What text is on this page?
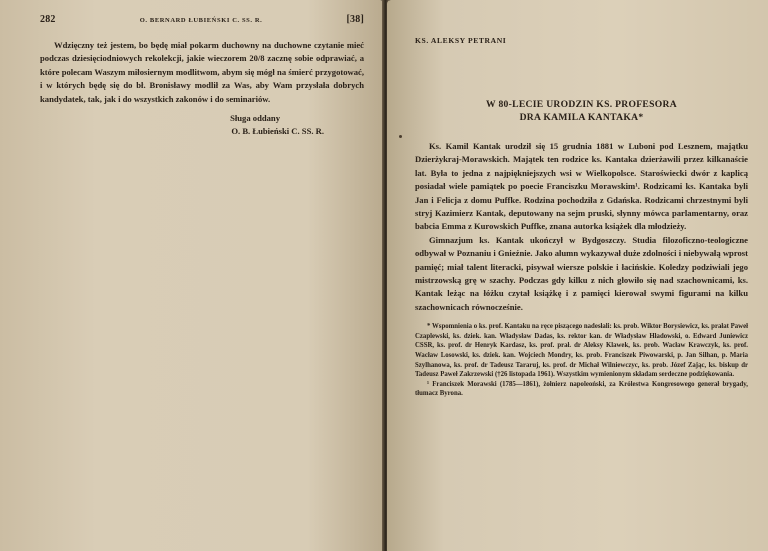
282	O. BERNARD ŁUBIEŃSKI C. SS. R.	[38]

Wdzięczny też jestem, bo będę miał pokarm duchowny na duchowne czytanie mieć podczas dziesięciodniowych rekolekcji, jakie wieczorem 20/8 zacznę sobie odprawiać, a które polecam Waszym miłosiernym modlitwom, abym się mógł na śmierć przygotować, i w których będę się do bł. Bronisławy modlił za Was, aby Wam przysłała dobrych kandydatek, tak, jak i do wszystkich zakonów i do seminariów.

Sługa oddany

O. B. Łubieński C. SS. R.

KS. ALEKSY PETRANI

W 80-LECIE URODZIN KS. PROFESORA
DRA KAMILA KANTAKA*

Ks. Kamil Kantak urodził się 15 grudnia 1881 w Luboni pod Lesznem, majątku Dzierżykraj-Morawskich. Majątek ten rodzice ks. Kantaka dzierżawili przez kilkanaście lat. Była to jedna z najpiękniejszych wsi w Wielkopolsce. Staroświecki dwór z kaplicą posiadał wiele pamiątek po poecie Franciszku Morawskim¹. Rodzicami ks. Kantaka byli Jan i Felicja z domu Puffke. Rodzina pochodziła z Gdańska. Rodzicami chrzestnymi byli stryj Kazimierz Kantak, deputowany na sejm pruski, słynny mówca parlamentarny, oraz babcia Emma z Kurowskich Puffke, znana autorka książek dla młodzieży.

Gimnazjum ks. Kantak ukończył w Bydgoszczy. Studia filozoficzno-teologiczne odbywał w Poznaniu i Gnieźnie. Jako alumn wykazywał duże zdolności i niebywałą wprost pamięć; miał talent literacki, pisywał wiersze polskie i łacińskie. Koledzy podziwiali jego mistrzowską grę w szachy. Podczas gdy kilku z nich głowiło się nad szachownicami, ks. Kantak leżąc na łóżku czytał książkę i z pamięci kierował swymi figurami na kilku szachownicach równocześnie.

* Wspomnienia o ks. prof. Kantaku na ręce piszącego nadesłali: ks. prob. Wiktor Borysiewicz, ks. prałat Paweł Czaplewski, ks. dziek. kan. Władysław Dadas, ks. rektor kan. dr Władysław Hładowski, o. Edward Juniewicz CSSR, ks. prof. dr Henryk Kardasz, ks. prof. prał. dr Aleksy Klawek, ks. prob. Wacław Krawczyk, ks. prof. Wacław Losowski, ks. dziek. kan. Wojciech Mondry, ks. prob. Franciszek Piwowarski, p. Jan Silhan, p. Maria Szylhanowa, ks. prof. dr Tadeusz Tararuj, ks. prof. dr Michał Wilniewczyc, ks. prob. Józef Zając, ks. biskup dr Tadeusz Paweł Zakrzewski (†26 listopada 1961). Wszystkim wymienionym składam serdeczne podziękowania.

¹ Franciszek Morawski (1785—1861), żołnierz napoleoński, za Królestwa Kongresowego generał brygady, tłumacz Byrona.
